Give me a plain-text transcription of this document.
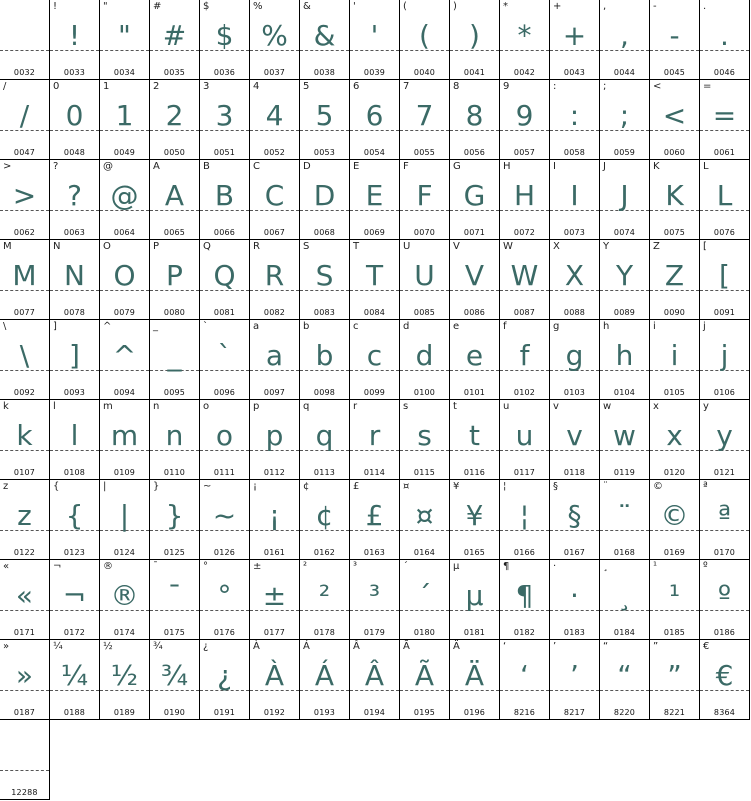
0032
!
!
0033
"
"
0034
#
#
0035
$
$
0036
%
%
0037
&
&
0038
'
'
0039
(
(
0040
)
)
0041
*
*
0042
+
+
0043
,
,
0044
-
-
0045
.
.
0046
/
/
0047
0
0
0048
1
1
0049
2
2
0050
3
3
0051
4
4
0052
5
5
0053
6
6
0054
7
7
0055
8
8
0056
9
9
0057
:
:
0058
;
;
0059
<
<
0060
=
=
0061
>
>
0062
?
?
0063
@
@
0064
A
A
0065
B
B
0066
C
C
0067
D
D
0068
E
E
0069
F
F
0070
G
G
0071
H
H
0072
I
I
0073
J
J
0074
K
K
0075
L
L
0076
M
M
0077
N
N
0078
O
O
0079
P
P
0080
Q
Q
0081
R
R
0082
S
S
0083
T
T
0084
U
U
0085
V
V
0086
W
W
0087
X
X
0088
Y
Y
0089
Z
Z
0090
[
[
0091
\
\
0092
]
]
0093
^
^
0094
_
_
0095
`
`
0096
a
a
0097
b
b
0098
c
c
0099
d
d
0100
e
e
0101
f
f
0102
g
g
0103
h
h
0104
i
i
0105
j
j
0106
k
k
0107
l
l
0108
m
m
0109
n
n
0110
o
o
0111
p
p
0112
q
q
0113
r
r
0114
s
s
0115
t
t
0116
u
u
0117
v
v
0118
w
w
0119
x
x
0120
y
y
0121
z
z
0122
{
{
0123
|
|
0124
}
}
0125
~
~
0126
¡
¡
0161
¢
¢
0162
£
£
0163
¤
¤
0164
¥
¥
0165
¦
¦
0166
§
§
0167
¨
¨
0168
©
©
0169
ª
ª
0170
«
«
0171
¬
¬
0172
®
®
0174
¯
¯
0175
°
°
0176
±
±
0177
²
²
0178
³
³
0179
´
´
0180
µ
µ
0181
¶
¶
0182
·
·
0183
¸
¸
0184
¹
¹
0185
º
º
0186
»
»
0187
¼
¼
0188
½
½
0189
¾
¾
0190
¿
¿
0191
À
À
0192
Á
Á
0193
Â
Â
0194
Ã
Ã
0195
Ä
Ä
0196
‘
‘
8216
’
’
8217
“
“
8220
”
”
8221
€
€
8364

12288
